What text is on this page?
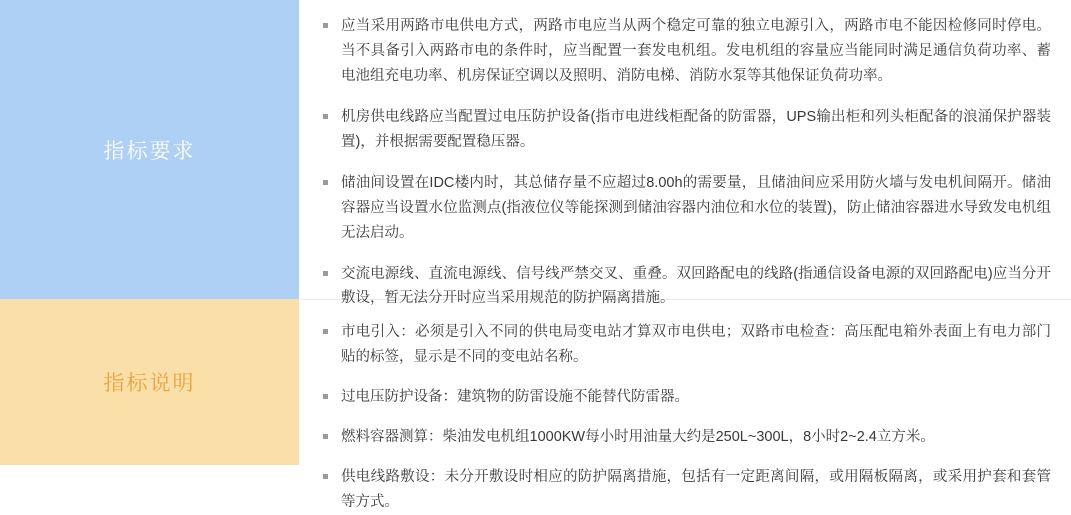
指标要求
应当采用两路市电供电方式，两路市电应当从两个稳定可靠的独立电源引入，两路市电不能因检修同时停电。当不具备引入两路市电的条件时，应当配置一套发电机组。发电机组的容量应当能同时满足通信负荷功率、蓄电池组充电功率、机房保证空调以及照明、消防电梯、消防水泵等其他保证负荷功率。
机房供电线路应当配置过电压防护设备(指市电进线柜配备的防雷器，UPS输出柜和列头柜配备的浪涌保护器装置)，并根据需要配置稳压器。
储油间设置在IDC楼内时，其总储存量不应超过8.00h的需要量，且储油间应采用防火墙与发电机间隔开。储油容器应当设置水位监测点(指液位仪等能探测到储油容器内油位和水位的装置)，防止储油容器进水导致发电机组无法启动。
交流电源线、直流电源线、信号线严禁交叉、重叠。双回路配电的线路(指通信设备电源的双回路配电)应当分开敷设，暂无法分开时应当采用规范的防护隔离措施。
指标说明
市电引入：必须是引入不同的供电局变电站才算双市电供电；双路市电检查：高压配电箱外表面上有电力部门贴的标签，显示是不同的变电站名称。
过电压防护设备：建筑物的防雷设施不能替代防雷器。
燃料容器测算：柴油发电机组1000KW每小时用油量大约是250L~300L，8小时2~2.4立方米。
供电线路敷设：未分开敷设时相应的防护隔离措施，包括有一定距离间隔，或用隔板隔离，或采用护套和套管等方式。
